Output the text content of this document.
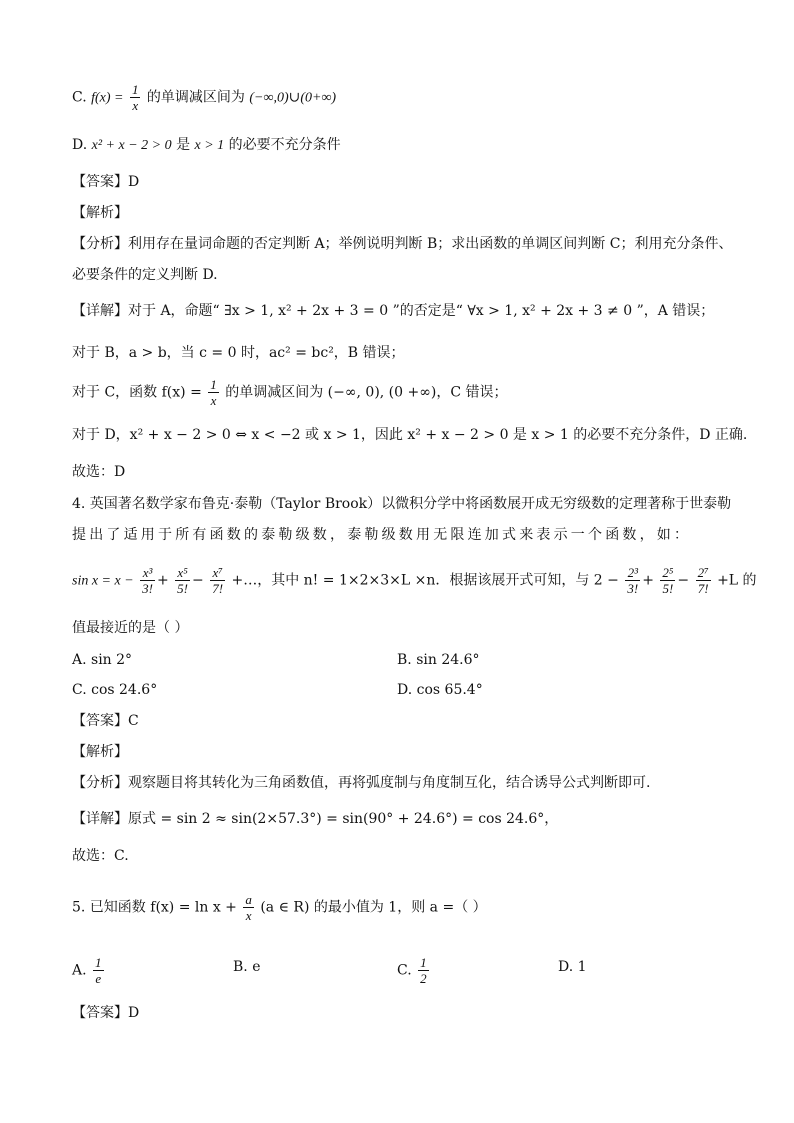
C. $f(x) = \frac{1}{x}$ 的单调减区间为 (−∞,0)∪(0+∞)
D. x² + x − 2 > 0 是 x > 1 的必要不充分条件
【答案】D
【解析】
【分析】利用存在量词命题的否定判断 A；举例说明判断 B；求出函数的单调区间判断 C；利用充分条件、
必要条件的定义判断 D.
【详解】对于 A，命题“ ∃x > 1, x² + 2x + 3 = 0 ”的否定是“ ∀x > 1, x² + 2x + 3 ≠ 0 ”，A 错误；
对于 B，a > b，当 c = 0 时，ac² = bc²，B 错误；
对于 C，函数 $f(x) = \frac{1}{x}$ 的单调减区间为 (−∞, 0), (0 +∞)，C 错误；
对于 D，x² + x − 2 > 0 ⇔ x < −2 或 x > 1，因此 x² + x − 2 > 0 是 x > 1 的必要不充分条件，D 正确.
故选：D
4. 英国著名数学家布鲁克·泰勒（Taylor Brook）以微积分学中将函数展开成无穷级数的定理著称于世泰勒
提出了适用于所有函数的泰勒级数，泰勒级数用无限连加式来表示一个函数，如：
$\sin x = x - \frac{\text{x³}}{3!} + \frac{\text{x⁵}}{5!} - \frac{\text{x⁷}}{7!}$ +…，其中 n! = 1×2×3×L ×n．根据该展开式可知，与 $2 - \frac{\text{2³}}{3!} + \frac{\text{2⁵}}{5!} - \frac{\text{2⁷}}{7!} +L$ 的
值最接近的是（ ）
A. sin 2°	B. sin 24.6°
C. cos 24.6°	D. cos 65.4°
【答案】C
【解析】
【分析】观察题目将其转化为三角函数值，再将弧度制与角度制互化，结合诱导公式判断即可.
【详解】原式 = sin 2 ≈ sin(2×57.3°) = sin(90° + 24.6°) = cos 24.6°，
故选：C.
5. 已知函数 $f(x) = \ln x + \frac{a}{x} (a$ ∈ R) 的最小值为 1，则 a =（ ）
A. $\frac{1}{e}$	B. e	C. $\frac{1}{2}$	D. 1
【答案】D
